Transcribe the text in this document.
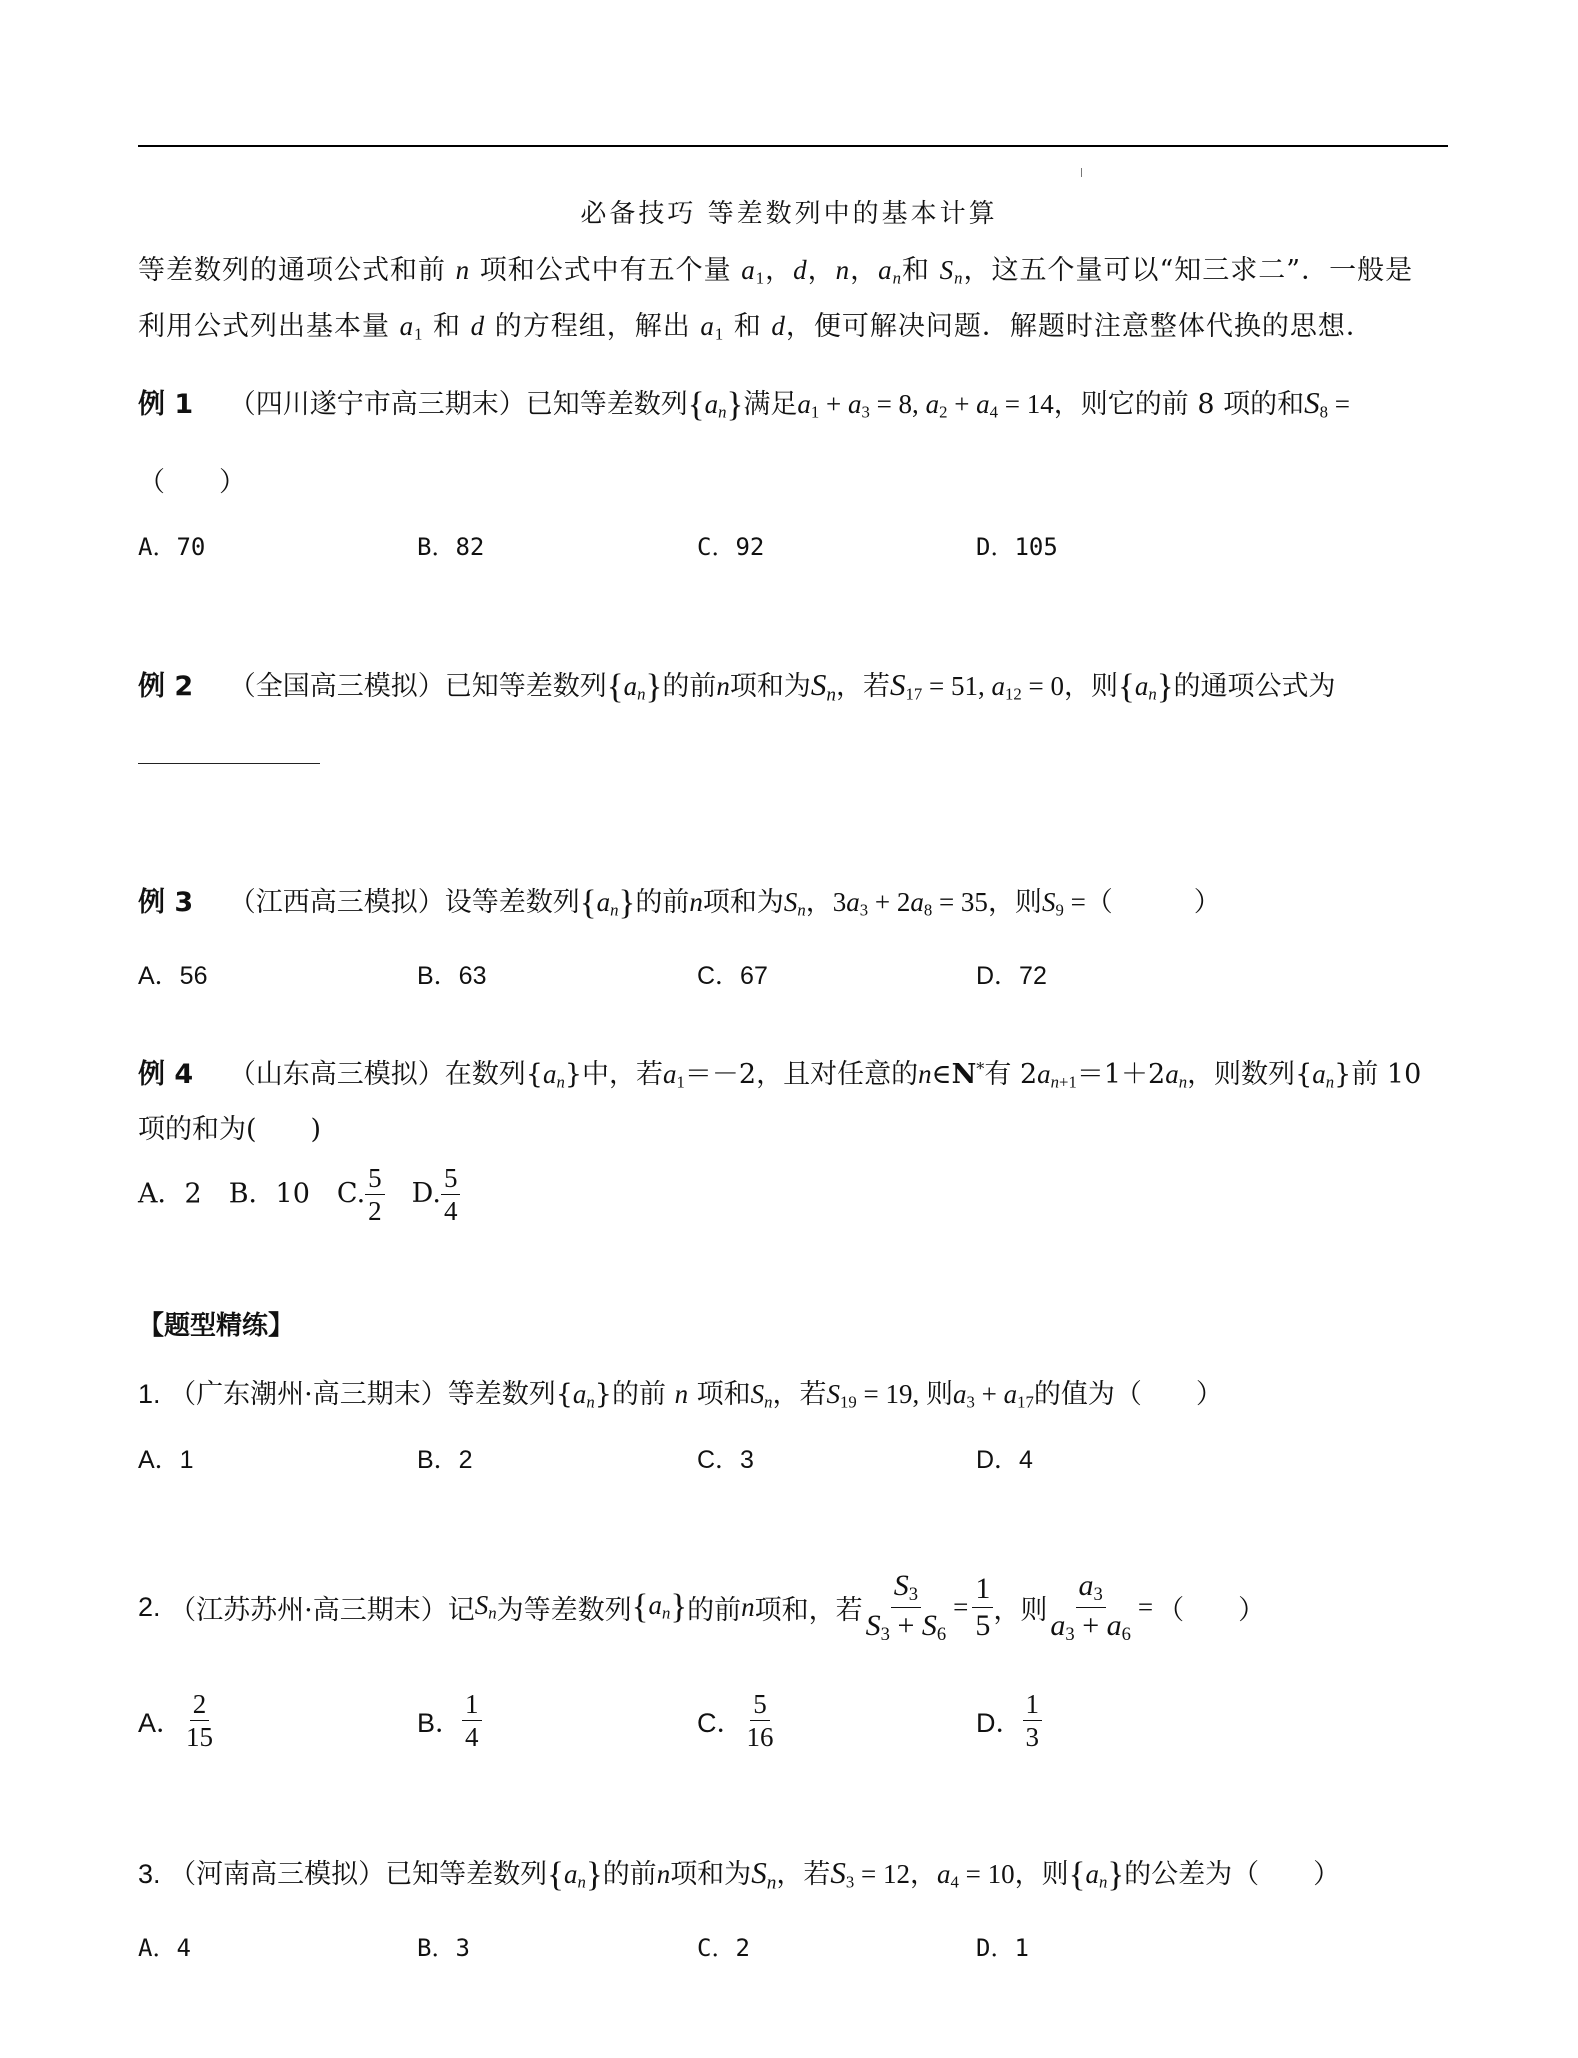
必备技巧 等差数列中的基本计算
等差数列的通项公式和前 n 项和公式中有五个量 $a_1$，d，n，an和 Sn，这五个量可以“知三求二”．一般是
利用公式列出基本量 $a_1$ 和 d 的方程组，解出 $a_1$ 和 d，便可解决问题．解题时注意整体代换的思想．
例 1　 （四川遂宁市高三期末）已知等差数列{an}满足$a_1 + a_3 = 8$, $a_2 + a_4 = 14$，则它的前 8 项的和$S_8$ =
（　　）
A．70	B．82	C．92	D．105
例 2　 （全国高三模拟）已知等差数列{an}的前n项和为Sn，若$S_{17} = 51$, $a_{12} = 0$，则{an}的通项公式为
例 3　 （江西高三模拟）设等差数列{an}的前n项和为Sn，$3a_3 + 2a_8 = 35$，则$S_9$ =（　　　）
A．56	B．63	C．67	D．72
例 4　 （山东高三模拟）在数列{an}中，若$a_1=-2$，且对任意的n∈N*有 $2an_{+1}=1+2an$，则数列{an}前 10
项的和为(　　)
A．2　 B．10　 C. $\frac{5}{2}$
　 D. $\frac{5}{4}$
【题型精练】
1. （广东潮州·高三期末）等差数列{an}的前 n 项和Sn，若$S_{19} = 19$, 则$a_3 + a_{17}$的值为（　　）
A．1	B．2	C．3	D．4
2.
（江苏苏州·高三期末）记 Sn 为等差数列 { an } 的前 n 项和，若 $\frac{S_3}{S_3 + S_6} = \frac{1}{5}$ ，则 $\frac{a_3}{a_3 + a_6}$ = （　　）
A． $\frac{2}{15}$	B． $\frac{1}{4}$	C． $\frac{5}{16}$	D． $\frac{1}{3}$
3. （河南高三模拟）已知等差数列{an}的前n项和为Sn，若$S_3 = 12$，$a_4 = 10$，则{an}的公差为（　　）
A．4	B．3	C．2	D．1
